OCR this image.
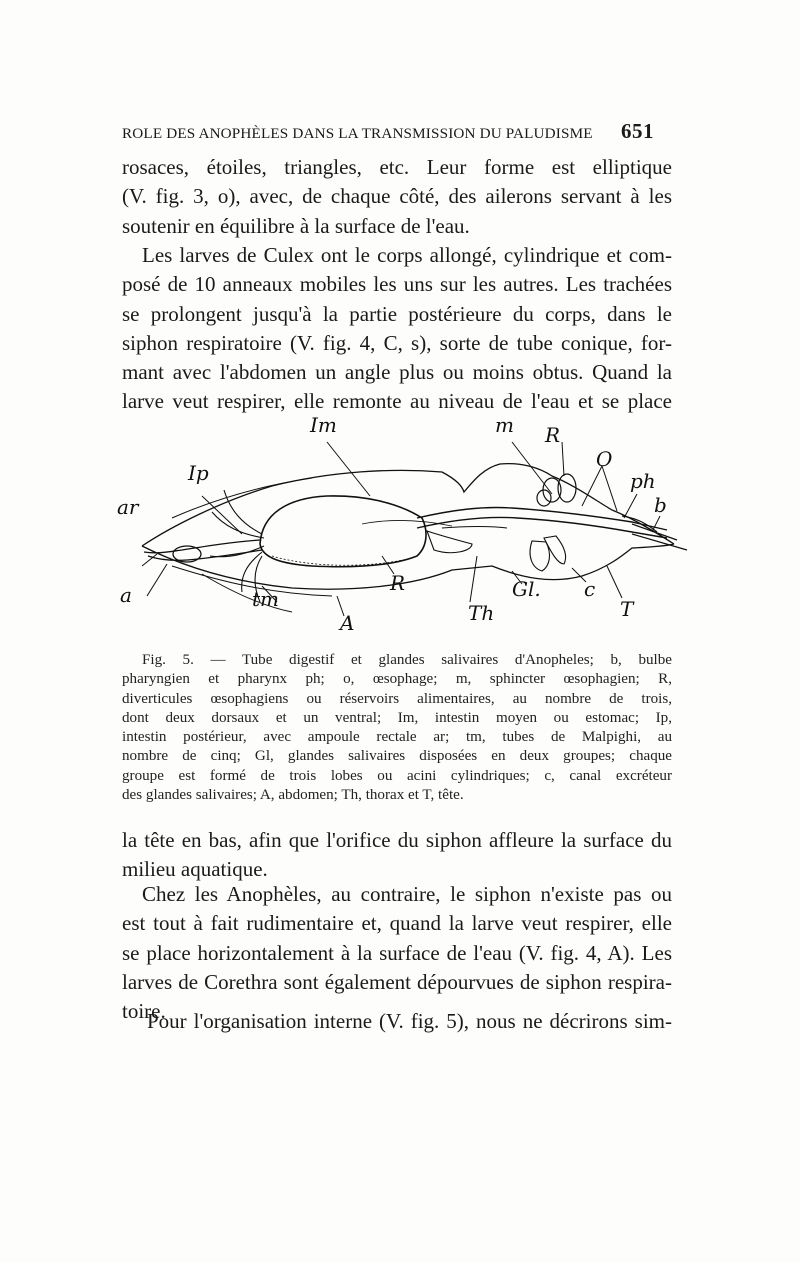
ROLE DES ANOPHÈLES DANS LA TRANSMISSION DU PALUDISME 651

rosaces, étoiles, triangles, etc. Leur forme est elliptique
(V. fig. 3, o), avec, de chaque côté, des ailerons servant à les
soutenir en équilibre à la surface de l'eau.

Les larves de Culex ont le corps allongé, cylindrique et com-
posé de 10 anneaux mobiles les uns sur les autres. Les trachées
se prolongent jusqu'à la partie postérieure du corps, dans le
siphon respiratoire (V. fig. 4, C, s), sorte de tube conique, for-
mant avec l'abdomen un angle plus ou moins obtus. Quand la
larve veut respirer, elle remonte au niveau de l'eau et se place

Im
Ip
m R
O
ph
b
ar
a	tm
A
R
Th
Gl. c
T

Fig. 5. — Tube digestif et glandes salivaires d'Anopheles; b, bulbe
pharyngien et pharynx ph; o, œsophage; m, sphincter œsophagien; R,
diverticules œsophagiens ou réservoirs alimentaires, au nombre de trois,
dont deux dorsaux et un ventral; Im, intestin moyen ou estomac; Ip,
intestin postérieur, avec ampoule rectale ar; tm, tubes de Malpighi, au
nombre de cinq; Gl, glandes salivaires disposées en deux groupes; chaque
groupe est formé de trois lobes ou acini cylindriques; c, canal excréteur
des glandes salivaires; A, abdomen; Th, thorax et T, tête.

la tête en bas, afin que l'orifice du siphon affleure la surface du
milieu aquatique.

Chez les Anophèles, au contraire, le siphon n'existe pas ou
est tout à fait rudimentaire et, quand la larve veut respirer, elle
se place horizontalement à la surface de l'eau (V. fig. 4, A). Les
larves de Corethra sont également dépourvues de siphon respira-
toire.

Pour l'organisation interne (V. fig. 5), nous ne décrirons sim-
